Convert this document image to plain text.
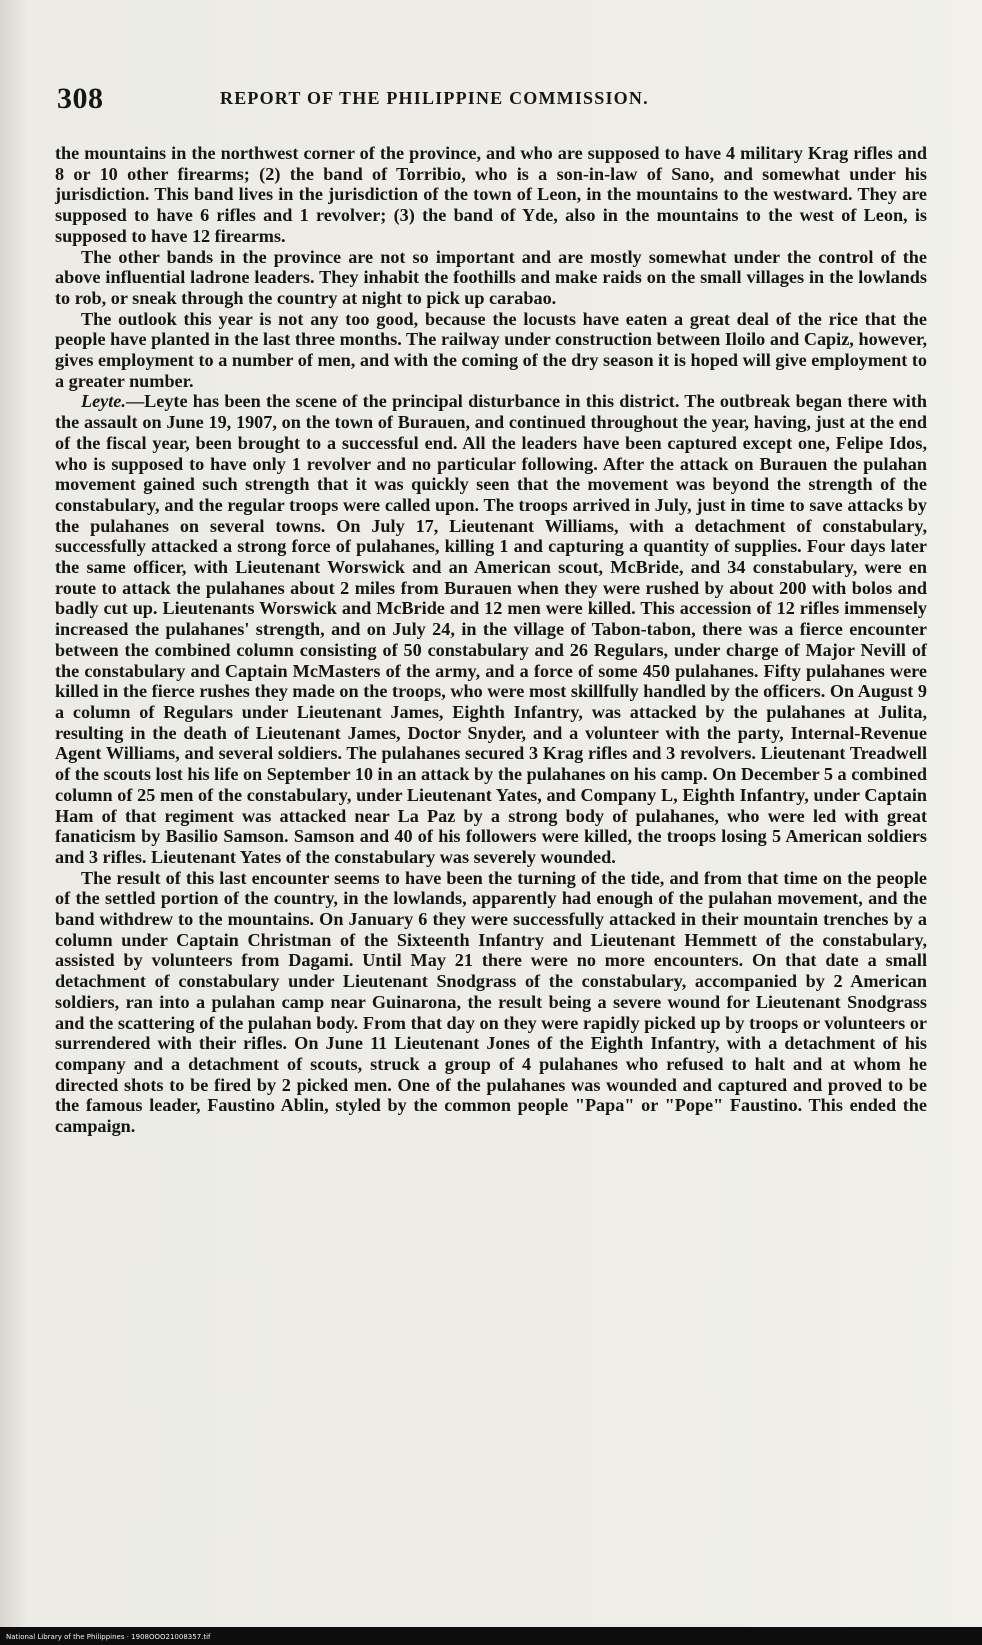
308	REPORT OF THE PHILIPPINE COMMISSION.

the mountains in the northwest corner of the province, and who are supposed to have 4 military Krag rifles and 8 or 10 other firearms; (2) the band of Torribio, who is a son-in-law of Sano, and somewhat under his jurisdiction. This band lives in the jurisdiction of the town of Leon, in the mountains to the westward. They are supposed to have 6 rifles and 1 revolver; (3) the band of Yde, also in the mountains to the west of Leon, is supposed to have 12 firearms.

The other bands in the province are not so important and are mostly somewhat under the control of the above influential ladrone leaders. They inhabit the foothills and make raids on the small villages in the lowlands to rob, or sneak through the country at night to pick up carabao.

The outlook this year is not any too good, because the locusts have eaten a great deal of the rice that the people have planted in the last three months. The railway under construction between Iloilo and Capiz, however, gives employment to a number of men, and with the coming of the dry season it is hoped will give employment to a greater number.

Leyte.—Leyte has been the scene of the principal disturbance in this district. The outbreak began there with the assault on June 19, 1907, on the town of Burauen, and continued throughout the year, having, just at the end of the fiscal year, been brought to a successful end. All the leaders have been captured except one, Felipe Idos, who is supposed to have only 1 revolver and no particular following. After the attack on Burauen the pulahan movement gained such strength that it was quickly seen that the movement was beyond the strength of the constabulary, and the regular troops were called upon. The troops arrived in July, just in time to save attacks by the pulahanes on several towns. On July 17, Lieutenant Williams, with a detachment of constabulary, successfully attacked a strong force of pulahanes, killing 1 and capturing a quantity of supplies. Four days later the same officer, with Lieutenant Worswick and an American scout, McBride, and 34 constabulary, were en route to attack the pulahanes about 2 miles from Burauen when they were rushed by about 200 with bolos and badly cut up. Lieutenants Worswick and McBride and 12 men were killed. This accession of 12 rifles immensely increased the pulahanes' strength, and on July 24, in the village of Tabon-tabon, there was a fierce encounter between the combined column consisting of 50 constabulary and 26 Regulars, under charge of Major Nevill of the constabulary and Captain McMasters of the army, and a force of some 450 pulahanes. Fifty pulahanes were killed in the fierce rushes they made on the troops, who were most skillfully handled by the officers. On August 9 a column of Regulars under Lieutenant James, Eighth Infantry, was attacked by the pulahanes at Julita, resulting in the death of Lieutenant James, Doctor Snyder, and a volunteer with the party, Internal-Revenue Agent Williams, and several soldiers. The pulahanes secured 3 Krag rifles and 3 revolvers. Lieutenant Treadwell of the scouts lost his life on September 10 in an attack by the pulahanes on his camp. On December 5 a combined column of 25 men of the constabulary, under Lieutenant Yates, and Company L, Eighth Infantry, under Captain Ham of that regiment was attacked near La Paz by a strong body of pulahanes, who were led with great fanaticism by Basilio Samson. Samson and 40 of his followers were killed, the troops losing 5 American soldiers and 3 rifles. Lieutenant Yates of the constabulary was severely wounded.

The result of this last encounter seems to have been the turning of the tide, and from that time on the people of the settled portion of the country, in the lowlands, apparently had enough of the pulahan movement, and the band withdrew to the mountains. On January 6 they were successfully attacked in their mountain trenches by a column under Captain Christman of the Sixteenth Infantry and Lieutenant Hemmett of the constabulary, assisted by volunteers from Dagami. Until May 21 there were no more encounters. On that date a small detachment of constabulary under Lieutenant Snodgrass of the constabulary, accompanied by 2 American soldiers, ran into a pulahan camp near Guinarona, the result being a severe wound for Lieutenant Snodgrass and the scattering of the pulahan body. From that day on they were rapidly picked up by troops or volunteers or surrendered with their rifles. On June 11 Lieutenant Jones of the Eighth Infantry, with a detachment of his company and a detachment of scouts, struck a group of 4 pulahanes who refused to halt and at whom he directed shots to be fired by 2 picked men. One of the pulahanes was wounded and captured and proved to be the famous leader, Faustino Ablin, styled by the common people "Papa" or "Pope" Faustino. This ended the campaign.

National Library of the Philippines · 1908OOO21008357.tif
